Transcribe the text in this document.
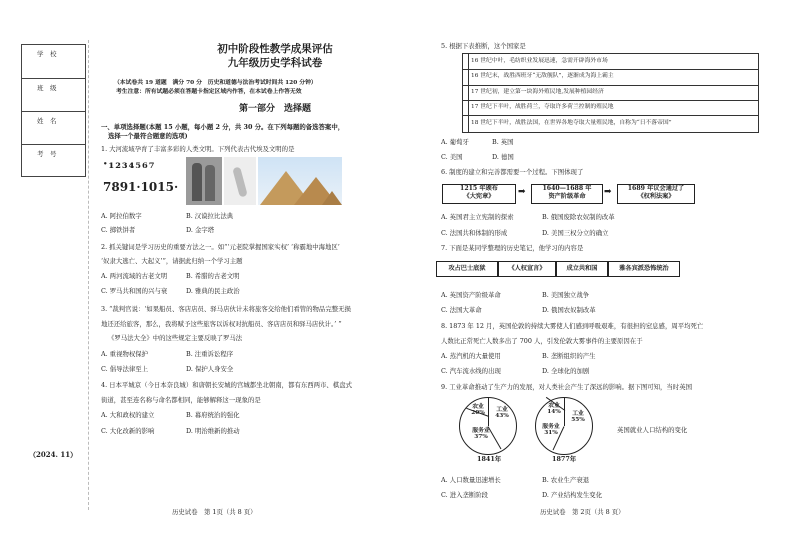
学　校
班　级
姓　名
考　号
（2024. 11）
初中阶段性教学成果评估
九年级历史学科试卷
（本试卷共 19 道题　满分 70 分　历史和道德与法治考试时间共 120 分钟）
考生注意：所有试题必须在答题卡指定区域内作答，在本试卷上作答无效
第一部分　选择题
一、单项选择题(本题 15 小题，每小题 2 分，共 30 分。在下列每题的备选答案中，
选择一个最符合题意的选项)
1. 大河流域孕育了丰富多彩的人类文明。下列代表古代埃及文明的是
·₁₂₃₄₅₆₇
7891·1015·
A. 阿拉伯数字	B. 汉谟拉比法典
C. 掷铁饼者	D. 金字塔
2. 抓关键词是学习历史的重要方法之一。如“‘元老院掌握国家实权’ ‘称霸地中海地区’
‘奴隶大逃亡、大起义’”，请据此归纳一个学习主题
A. 两河流域的古老文明	B. 希腊的古老文明
C. 罗马共和国的兴与衰	D. 雅典的民主政治
3. “裁判官说：‘如果船员、客店店员、驿马店伙计未将旅客交给他们看管的物品完整无损
地还还给旅客，那么，我将赋予这些旅客以诉权对抗船员、客店店员和驿马店伙计。’ ”
《罗马法大全》中的这些规定主要反映了罗马法
A. 重视物权保护	B. 注重诉讼程序
C. 倡导法律至上	D. 保护人身安全
4. 日本平城京（今日本奈良城）和唐朝长安城的宫城都坐北朝南，都有东西两市、棋盘式
街道，甚至连名称与命名都相同，能够解释这一现象的是
A. 大和政权的建立	B. 幕府统治的强化
C. 大化改新的影响	D. 明治维新的推动
历史试卷　第 1页（共 8 页）
5. 根据下表推断，这个国家是
16 世纪中叶，毛纺织业发展迅速，急需开辟海外市场
16 世纪末，战胜西班牙“无敌舰队”，逐渐成为海上霸主
17 世纪初，建立第一块海外殖民地,发展种植园经济
17 世纪下半叶，战胜荷兰，夺取许多荷兰控制的殖民地
18 世纪下半叶，战胜法国，在世界各地夺取大量殖民地，自称为“日不落帝国”
A. 葡萄牙	B. 英国
C. 美国	D. 德国
6. 制度的建立和完善都需要一个过程。下图体现了
1215 年颁布
《大宪章》	➡	1640—1688 年
资产阶级革命	➡	1689 年议会通过了
《权利法案》
A. 英国君主立宪制的探索	B. 俄国废除农奴制的改革
C. 法国共和体制的形成	D. 美国三权分立的确立
7. 下面是某同学整理的历史笔记，他学习的内容是
攻占巴士底狱	《人权宣言》	成立共和国	雅各宾派恐怖统治
A. 英国资产阶级革命	B. 美国独立战争
C. 法国大革命	D. 俄国农奴制改革
8. 1873 年 12 月，英国伦敦的持续大雾使人们感到呼吸艰难，有很担的窒息感，周平均死亡
人数比正常死亡人数多出了 700 人，引发伦敦大雾事件的主要原因在于
A. 蒸汽机的大量使用	B. 垄断组织的产生
C. 汽车流水线的出现	D. 全球化的加剧
9. 工业革命推动了生产力的发展，对人类社会产生了深远的影响。据下图可知，当时英国
农业
20%	工业
43%
服务业
37%
1841年
农业
14%	工业
55%
服务业
31%
1877年
英国就业人口结构的变化
A. 人口数量迅速增长	B. 农业生产衰退
C. 进入垄断阶段	D. 产业结构发生变化
历史试卷　第 2页（共 8 页）
